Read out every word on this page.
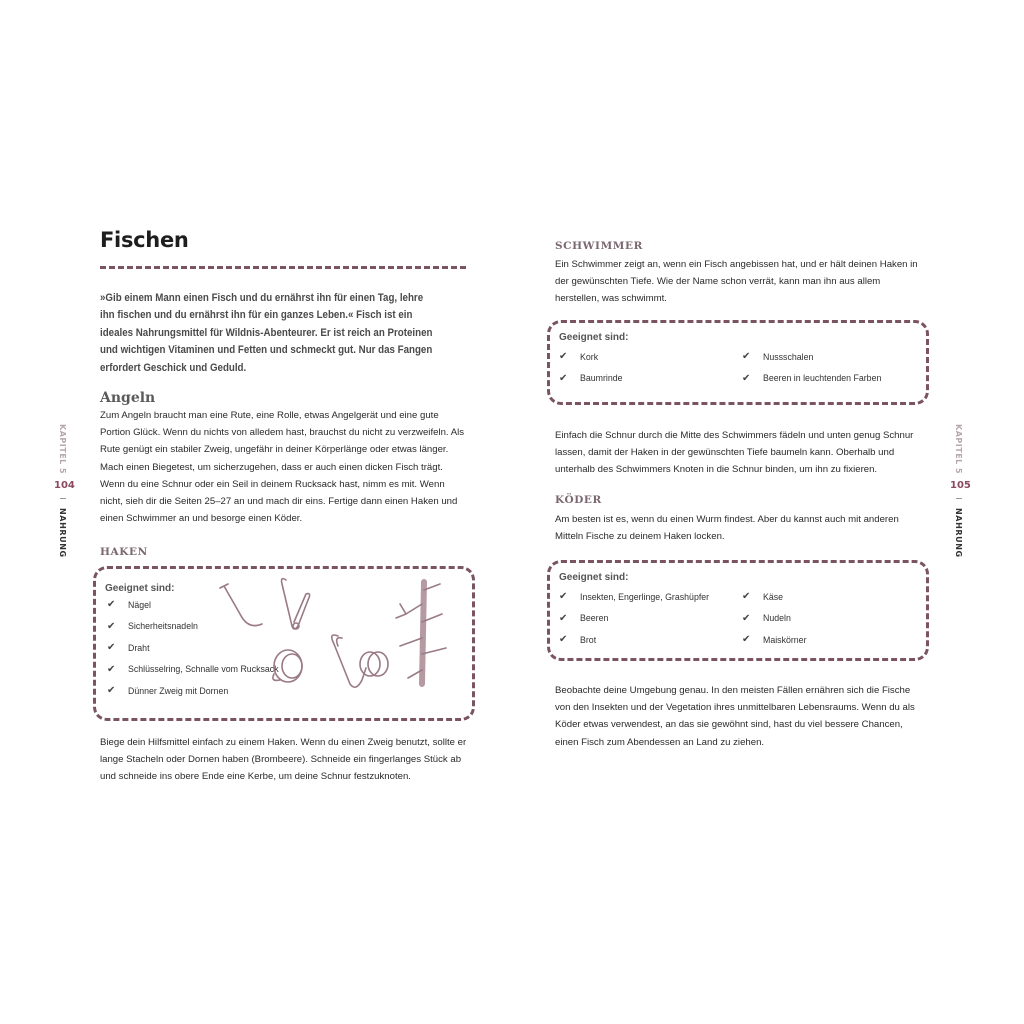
Fischen

»Gib einem Mann einen Fisch und du ernährst ihn für einen Tag, lehre ihn fischen und du ernährst ihn für ein ganzes Leben.« Fisch ist ein ideales Nahrungsmittel für Wildnis-Abenteurer. Er ist reich an Proteinen und wichtigen Vitaminen und Fetten und schmeckt gut. Nur das Fangen erfordert Geschick und Geduld.

Angeln

Zum Angeln braucht man eine Rute, eine Rolle, etwas Angelgerät und eine gute Portion Glück. Wenn du nichts von alledem hast, brauchst du nicht zu verzweifeln. Als Rute genügt ein stabiler Zweig, ungefähr in deiner Körperlänge oder etwas länger. Mach einen Biegetest, um sicherzugehen, dass er auch einen dicken Fisch trägt. Wenn du eine Schnur oder ein Seil in deinem Rucksack hast, nimm es mit. Wenn nicht, sieh dir die Seiten 25–27 an und mach dir eins. Fertige dann einen Haken und einen Schwimmer an und besorge einen Köder.

HAKEN

Geeignet sind:

✔	Nägel
✔	Sicherheitsnadeln
✔	Draht
✔	Schlüsselring, Schnalle vom Rucksack
✔	Dünner Zweig mit Dornen

Biege dein Hilfsmittel einfach zu einem Haken. Wenn du einen Zweig benutzt, sollte er lange Stacheln oder Dornen haben (Brombeere). Schneide ein fingerlanges Stück ab und schneide ins obere Ende eine Kerbe, um deine Schnur festzuknoten.

KAPITEL 5
104
NAHRUNG
SCHWIMMER

Ein Schwimmer zeigt an, wenn ein Fisch angebissen hat, und er hält deinen Haken in der gewünschten Tiefe. Wie der Name schon verrät, kann man ihn aus allem herstellen, was schwimmt.

Geeignet sind:

✔	Kork
✔	Baumrinde
✔	Nussschalen
✔	Beeren in leuchtenden Farben

Einfach die Schnur durch die Mitte des Schwimmers fädeln und unten genug Schnur lassen, damit der Haken in der gewünschten Tiefe baumeln kann. Oberhalb und unterhalb des Schwimmers Knoten in die Schnur binden, um ihn zu fixieren.

KÖDER

Am besten ist es, wenn du einen Wurm findest. Aber du kannst auch mit anderen Mitteln Fische zu deinem Haken locken.

Geeignet sind:

✔	Insekten, Engerlinge, Grashüpfer
✔	Beeren
✔	Brot
✔	Käse
✔	Nudeln
✔	Maiskörner

Beobachte deine Umgebung genau. In den meisten Fällen ernähren sich die Fische von den Insekten und der Vegetation ihres unmittelbaren Lebensraums. Wenn du als Köder etwas verwendest, an das sie gewöhnt sind, hast du viel bessere Chancen, einen Fisch zum Abendessen an Land zu ziehen.

KAPITEL 5
105
NAHRUNG
